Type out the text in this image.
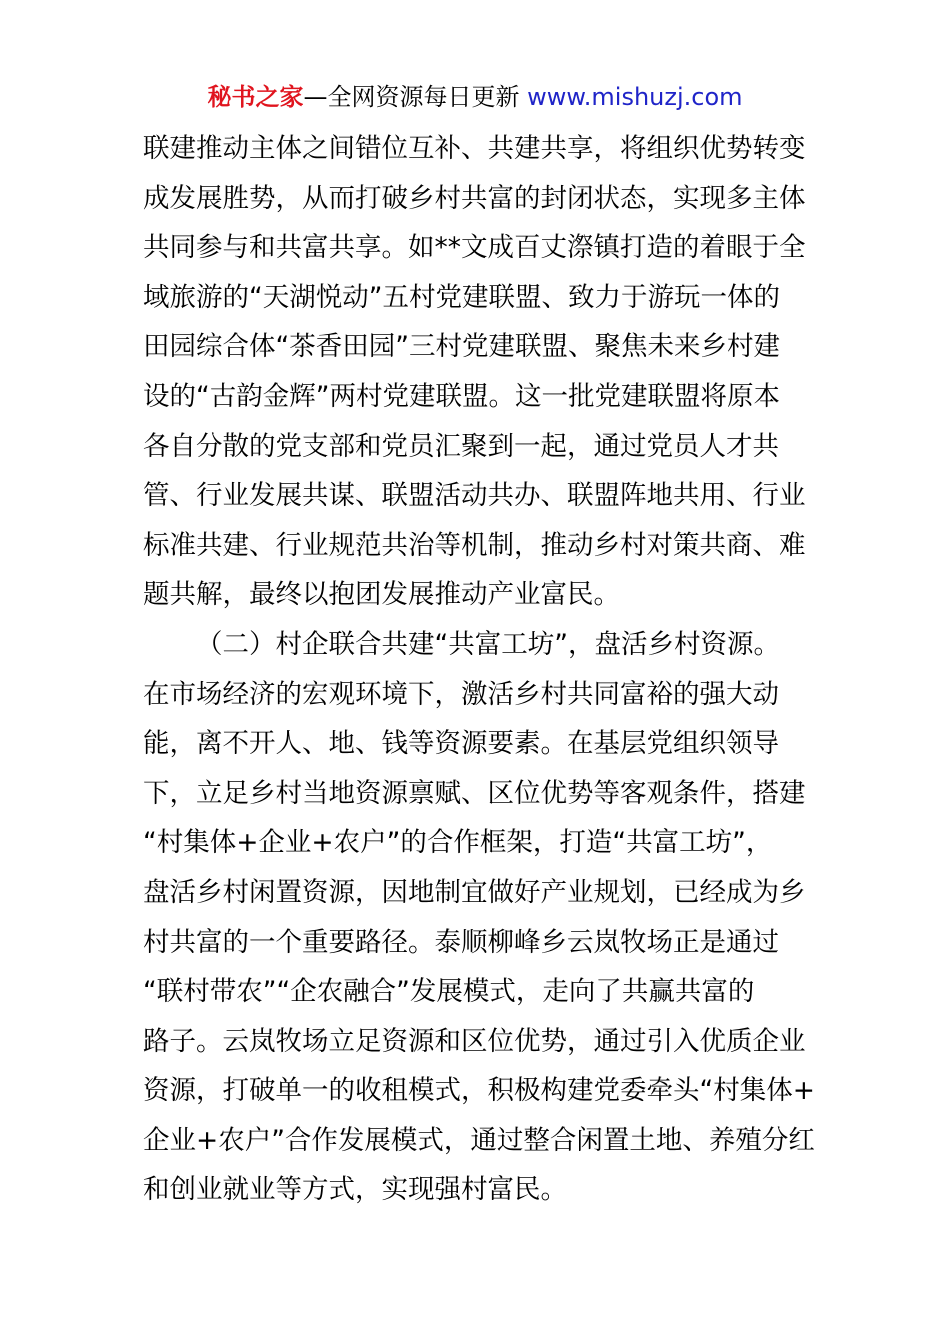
秘书之家—全网资源每日更新 www.mishuzj.com
联建推动主体之间错位互补、共建共享，将组织优势转变
成发展胜势，从而打破乡村共富的封闭状态，实现多主体
共同参与和共富共享。如**文成百丈漈镇打造的着眼于全
域旅游的“天湖悦动”五村党建联盟、致力于游玩一体的
田园综合体“茶香田园”三村党建联盟、聚焦未来乡村建
设的“古韵金辉”两村党建联盟。这一批党建联盟将原本
各自分散的党支部和党员汇聚到一起，通过党员人才共
管、行业发展共谋、联盟活动共办、联盟阵地共用、行业
标准共建、行业规范共治等机制，推动乡村对策共商、难
题共解，最终以抱团发展推动产业富民。
（二）村企联合共建“共富工坊”，盘活乡村资源。
在市场经济的宏观环境下，激活乡村共同富裕的强大动
能，离不开人、地、钱等资源要素。在基层党组织领导
下，立足乡村当地资源禀赋、区位优势等客观条件，搭建
“村集体+企业+农户”的合作框架，打造“共富工坊”，
盘活乡村闲置资源，因地制宜做好产业规划，已经成为乡
村共富的一个重要路径。泰顺柳峰乡云岚牧场正是通过
“联村带农”“企农融合”发展模式，走向了共赢共富的
路子。云岚牧场立足资源和区位优势，通过引入优质企业
资源，打破单一的收租模式，积极构建党委牵头“村集体+
企业+农户”合作发展模式，通过整合闲置土地、养殖分红
和创业就业等方式，实现强村富民。
